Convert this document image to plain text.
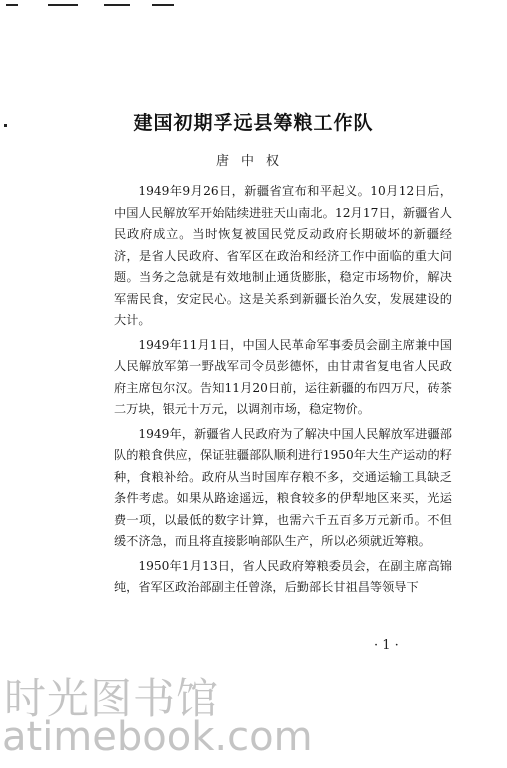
建国初期孚远县筹粮工作队
唐中权

1949年9月26日，新疆省宣布和平起义。10月12日后，中国人民解放军开始陆续进驻天山南北。12月17日，新疆省人民政府成立。当时恢复被国民党反动政府长期破坏的新疆经济，是省人民政府、省军区在政治和经济工作中面临的重大问题。当务之急就是有效地制止通货膨胀，稳定市场物价，解决军需民食，安定民心。这是关系到新疆长治久安，发展建设的大计。

1949年11月1日，中国人民革命军事委员会副主席兼中国人民解放军第一野战军司令员彭德怀，由甘肃省复电省人民政府主席包尔汉。告知11月20日前，运往新疆的布四万尺，砖茶二万块，银元十万元，以调剂市场，稳定物价。

1949年，新疆省人民政府为了解决中国人民解放军进疆部队的粮食供应，保证驻疆部队顺利进行1950年大生产运动的籽种，食粮补给。政府从当时国库存粮不多，交通运输工具缺乏条件考虑。如果从路途遥远，粮食较多的伊犁地区来买，光运费一项，以最低的数字计算，也需六千五百多万元新币。不但缓不济急，而且将直接影响部队生产，所以必须就近筹粮。

1950年1月13日，省人民政府筹粮委员会，在副主席高锦纯，省军区政治部副主任曾涤，后勤部长甘祖昌等领导下

· 1 ·
时光图书馆
atimebook.com
